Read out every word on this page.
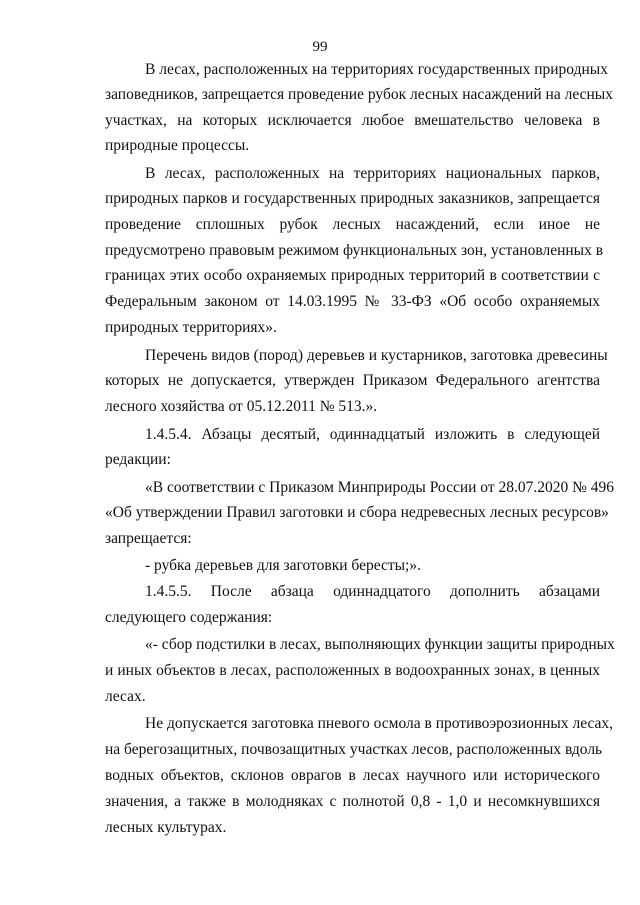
99
В лесах, расположенных на территориях государственных природных
заповедников, запрещается проведение рубок лесных насаждений на лесных
участках, на которых исключается любое вмешательство человека в
природные процессы.
В лесах, расположенных на территориях национальных парков,
природных парков и государственных природных заказников, запрещается
проведение сплошных рубок лесных насаждений, если иное не
предусмотрено правовым режимом функциональных зон, установленных в
границах этих особо охраняемых природных территорий в соответствии с
Федеральным законом от 14.03.1995 № 33-ФЗ «Об особо охраняемых
природных территориях».
Перечень видов (пород) деревьев и кустарников, заготовка древесины
которых не допускается, утвержден Приказом Федерального агентства
лесного хозяйства от 05.12.2011 № 513.».
1.4.5.4. Абзацы десятый, одиннадцатый изложить в следующей
редакции:
«В соответствии с Приказом Минприроды России от 28.07.2020 № 496
«Об утверждении Правил заготовки и сбора недревесных лесных ресурсов»
запрещается:
- рубка деревьев для заготовки бересты;».
1.4.5.5. После абзаца одиннадцатого дополнить абзацами
следующего содержания:
«- сбор подстилки в лесах, выполняющих функции защиты природных
и иных объектов в лесах, расположенных в водоохранных зонах, в ценных
лесах.
Не допускается заготовка пневого осмола в противоэрозионных лесах,
на берегозащитных, почвозащитных участках лесов, расположенных вдоль
водных объектов, склонов оврагов в лесах научного или исторического
значения, а также в молодняках с полнотой 0,8 - 1,0 и несомкнувшихся
лесных культурах.
